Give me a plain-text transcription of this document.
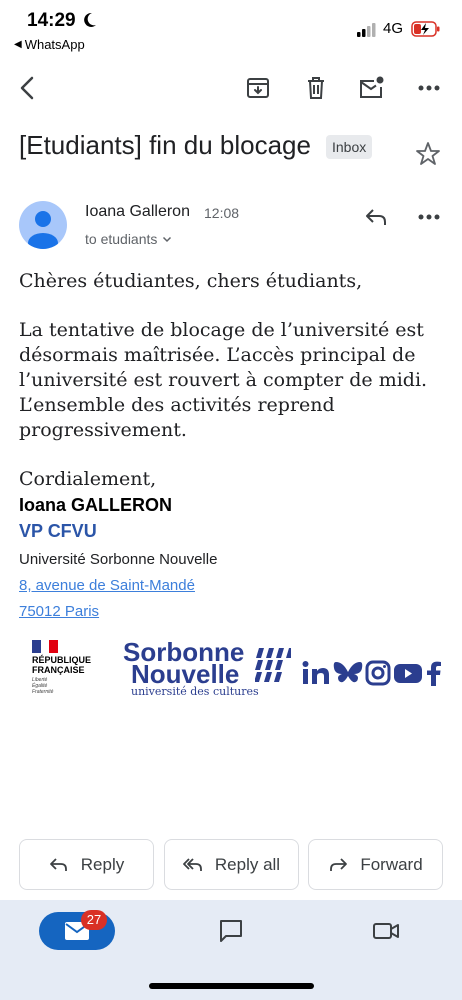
14:29
◀ WhatsApp
4G
[Etudiants] fin du blocage	Inbox
Ioana Galleron 12:08
to etudiants
Chères étudiantes, chers étudiants,
La tentative de blocage de l’université est désormais maîtrisée. L’accès principal de l’université est rouvert à compter de midi. L’ensemble des activités reprend progressivement.
Cordialement,
Ioana GALLERON
VP CFVU
Université Sorbonne Nouvelle
8, avenue de Saint-Mandé
75012 Paris
RÉPUBLIQUE
FRANÇAISE
Liberté
Égalité
Fraternité
Sorbonne
Nouvelle
université des cultures
Reply	Reply all	Forward
27
